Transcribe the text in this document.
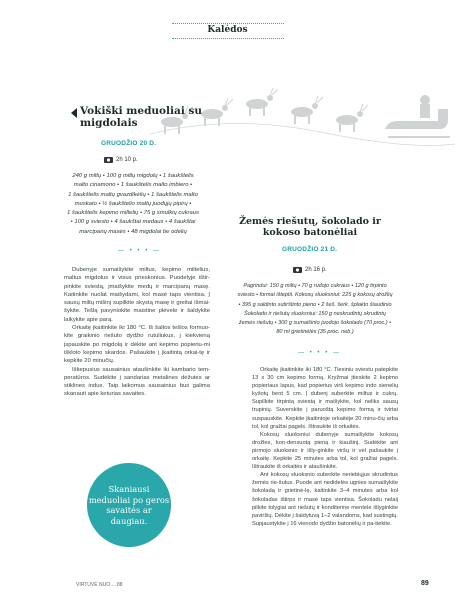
Kalėdos
Vokiški meduoliai su migdolais
GRUODŽIO 20 D.
2h 10 p.
240 g miltų • 100 g miltų migdolų • 1 šaukštelis
malto cinamono • 1 šaukštelis malto imbiero •
1 šaukštelis maltų gvazdikėlių • 1 šaukštelis malto
muskato • ½ šaukštelio maltų juodųjų pipirų •
1 šaukštelis kepimo miltelių • 75 g smulkių cukraus
• 100 g sviesto • 4 šaukštai medaus • 4 šaukštai
marcipanų masės • 48 migdolai be odelių
— • • • —

Dubenyje sumaišykite miltus, kepimo miltelius, maltus migdolus ir visus prieskonius. Puodelyje ištir-pinkite sviestą, įmaišykite medų ir marcipanų masę. Kaitinkite nuolat maišydami, kol masė taps vientisa. Į sausų miltų mišinį supilkite skystą masę ir greitai išmai-šykite. Tešlą pavyniokite maistine plėvele ir šaldykite laikykite apie parą.

Orkaitę įkaitinkite iki 180 °C. Iš šaltos tešlos formuo-kite graikinio riešuto dydžio rutuliukus, į kiekvieną įspauskite po migdolą ir dėkite ant kepimo popieriu-mi iškloto kepimo skardos. Pašaukite į įkaitintą orkai-tę ir kepkite 20 minučių.

Iškepusius sausainius ataušinkite iki kambario tem-peratūros. Sudėkite į sandarias metalines dėžutes ar stiklines indus. Taip laikomus sausainius bus galima skanauti apie keturias savaites.

Skaniausi meduoliai po geros savaitės ar daugiau.
Žemės riešutų, šokolado ir kokoso batonėliai
GRUODŽIO 21 D.
2h 16 p.
Pagrindui: 150 g miltų • 70 g rudojo cukraus • 120 g tirpinto
sviesto • formai išteptii. Kokosų sluoksniui: 225 g kokosų drožlių
• 395 g saldinto sutirštinto pieno • 2 šeš. šerk. šplakto šiaudinio
Šokolado ir riešutų sluoksniui: 150 g neskrudintų skrudintų
žemės riešutų • 300 g sumaišinto juodojo šokolado (70 proc.) •
80 ml grietinėlės (35 proc. rieb.)
— • • • —

Orkaitę įkaitinkite iki 180 °C. Tiesiniu sviestu patepkite 13 x 30 cm kepimo formą. Kryžmai įtieskite 2 kepimo popieriaus lapus, kad popierius virš kepimo indo sienelių kyšotų bent 5 cm. Į dubenį suberkite miltus ir cukrų. Supilkite tirpintą sviestą ir maišykite, kol neliks sausų trupinių. Suverskite į paruoštą kepimo formą ir tvirtai suspauskite. Kepkite įkaitintoje orkaitėje 20 minu-čių arba tol, kol gražiai pagels. Ištraukite iš orkaitės.

Kokosų sluoksniui dubenyje sumaišykite kokosų drožles, kon-densuotą pieną ir kiaušinį. Sudėkite ant pirmojo sluoksnio ir išly-ginkite viršų ir vėl pašaukite į orkaitę. Kepkite 25 minutes arba tol, kol gražiai pagels. Ištraukite iš orkaitės ir ataušinkite.

Ant kokosų sluoksnio suberkite neriebiųjus skrudintus žemės rie-šutus. Puode ant nedidelės ugnies sumaišykite šokoladą ir grietinė-lę, kaitinkite 3–4 minutes arba kol šokoladas ištirps ir masė taps vientisa. Šokoladu nelaiį pilkite tolygiai ant riešutų ir konditerine mentele išlyginkite paviršių. Dėkite į šaldytuvą 1–2 valandoms, kad sustingtų. Supjaustykite į 16 vienodo dydžio batonėlių ir pa-tiekite.

VIRTUVĖ NUO ... 88	89
